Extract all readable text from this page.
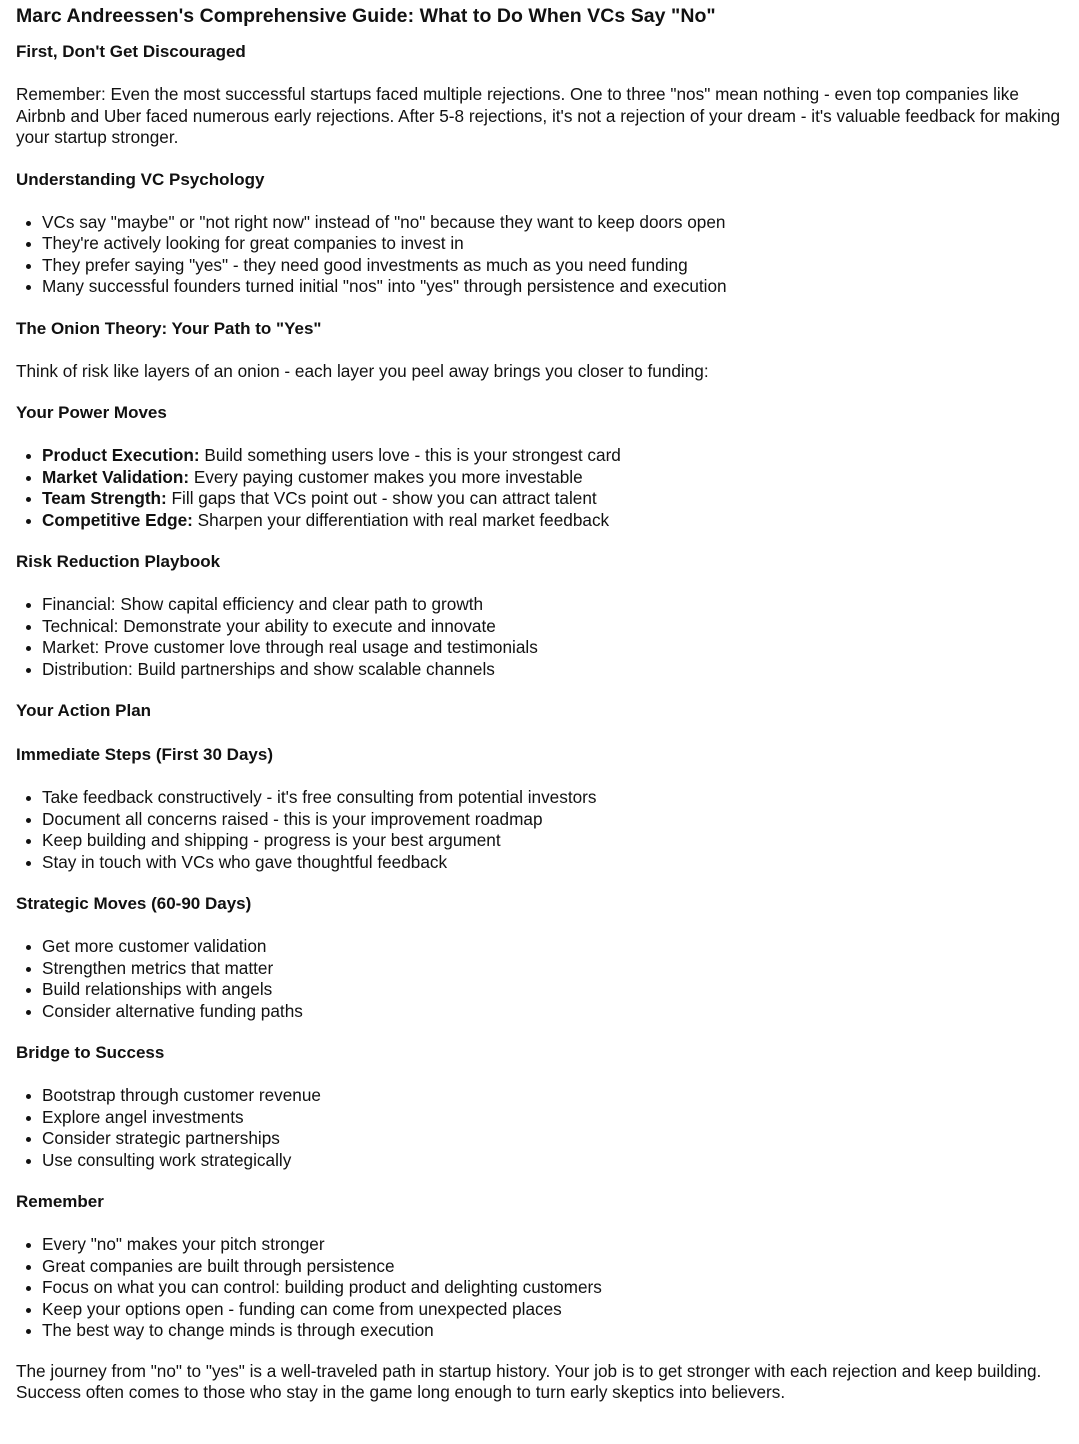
Marc Andreessen's Comprehensive Guide: What to Do When VCs Say "No"
First, Don't Get Discouraged

Remember: Even the most successful startups faced multiple rejections. One to three "nos" mean nothing - even top companies like Airbnb and Uber faced numerous early rejections. After 5-8 rejections, it's not a rejection of your dream - it's valuable feedback for making your startup stronger.

Understanding VC Psychology
VCs say "maybe" or "not right now" instead of "no" because they want to keep doors open
They're actively looking for great companies to invest in
They prefer saying "yes" - they need good investments as much as you need funding
Many successful founders turned initial "nos" into "yes" through persistence and execution
The Onion Theory: Your Path to "Yes"

Think of risk like layers of an onion - each layer you peel away brings you closer to funding:

Your Power Moves
Product Execution: Build something users love - this is your strongest card
Market Validation: Every paying customer makes you more investable
Team Strength: Fill gaps that VCs point out - show you can attract talent
Competitive Edge: Sharpen your differentiation with real market feedback
Risk Reduction Playbook
Financial: Show capital efficiency and clear path to growth
Technical: Demonstrate your ability to execute and innovate
Market: Prove customer love through real usage and testimonials
Distribution: Build partnerships and show scalable channels
Your Action Plan
Immediate Steps (First 30 Days)
Take feedback constructively - it's free consulting from potential investors
Document all concerns raised - this is your improvement roadmap
Keep building and shipping - progress is your best argument
Stay in touch with VCs who gave thoughtful feedback
Strategic Moves (60-90 Days)
Get more customer validation
Strengthen metrics that matter
Build relationships with angels
Consider alternative funding paths
Bridge to Success
Bootstrap through customer revenue
Explore angel investments
Consider strategic partnerships
Use consulting work strategically
Remember
Every "no" makes your pitch stronger
Great companies are built through persistence
Focus on what you can control: building product and delighting customers
Keep your options open - funding can come from unexpected places
The best way to change minds is through execution

The journey from "no" to "yes" is a well-traveled path in startup history. Your job is to get stronger with each rejection and keep building. Success often comes to those who stay in the game long enough to turn early skeptics into believers.
